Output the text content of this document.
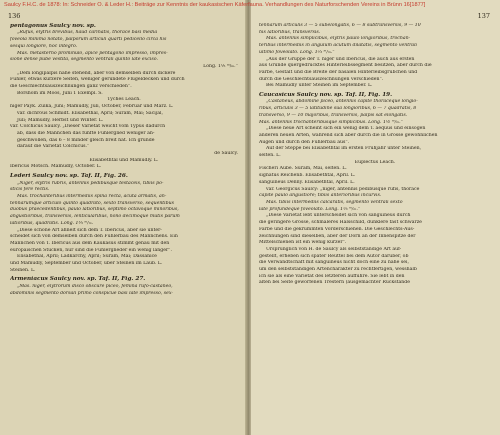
136
pentagonus Saulcy nov. sp.
„Rufus, elytris brevibus, haud carinatis, thorace basi media
foveola minima notato, palporum articuli quarti pedicello circa his
sesqui longiore, hoc integro.
Mas. metasterno prominulo, apice pentagono impresso, impres-
sione dense pube vestita, segmento ventrali quinto late exciso.
Long. 1⅕ ᵐ/ₘ.“
„Dem longipalpis nahe stehend, aber von demselben durch dickere
Fühler, etwas kürzere Seiten, weniger gerundete Flügeldecken und durch
die Geschlechtsauszeichnungen ganz verschieden“.
Borshom im Moos, Juni 1 Exempl. S.
Tyches Leach.
niger Payk. Zulka, Juni; Mamudly, Juli, October, Februar und März. L.
var. dichrous Schmidt. Elisabethal, April; Suram, Mai; Sacijal,
Juli; Mamudly, Herbst und Winter. L.
var. Colchicus Saulcy. „Dieser Varietät weicht vom Typus dadurch
ab, dass die Männchen das fünfte Fühlerglied weniger an-
geschwollen, das 6 – 8 minder gleich breit hat. Ich gründe
darauf die Varietät Colchicus.“
de Saulcy.
Elisabethtal und Mamudly. L.
Ibericus Motsch. Mamudly, October. L.
Lederi Saulcy nov. sp. Taf. II, Fig. 26.
„Niger, elytris rubris, antennis pedibusque testaceis, tibiis po-
sticis fere rectis.
Mas. trochanteribus intermediis spina recta, acuta armatis, an-
tennarumque articulo quinto quadrato, sexto transverso, sequentibus
duobus praecedentibus, paulo latioribus, septimo octavoque minoribus,
angustioribus, transversis, lenticularibus, nono decimoque mutis parum
latioribus, quadratis. Long. 1⅗ ᵐ/ₘ.
„Diese schöne Art ähnelt sich dem T. Ibericus, aber sie unter-
scheidet sich von demselben durch den Fühlerbau des Männchens. Ein
Männchen von T. Ibericus aus dem Kaukasus stimmt genau mit den
europäischen Stücken, nur sind die Fühlerglieder ein wenig länger“.
Elisabethal, April; Ladkarchy, April; Suram, Mai; Dassanice
und Mamudly, September und October, über Steinen im Laub. L.
Steinen. L.
Armeniacus Saulcy nov. sp. Taf. II, Fig. 27.
„Mas. niger, elytrorum disco obscure piceo, femina rufo-castaneo,
abdominis segmento dorsali primo conspicue basi late impresso, sex-
137
tennarum articulis 3 — 5 subelongatis, 6 — 8 subtransversis, 9 — 10
his latioribus, transversis.
Mas. antennis simplicibus, elytris paulo longioribus, trochan-
teribus intermediis in angulum acutum dilatatis, segmento ventrali
ultimo foveolato. Long. 1⅔ ᵐ/ₘ.“
„Aus der Gruppe der T. niger und Ibericus, die auch aus ersten
aus Grunde quergedrücktes Hinterleibssegment besitzen, aber durch die
Farbe, Gestalt und die Breite der basalen Hinterleibsgrübchen und
durch die Geschlechtsauszeichnungen verschieden“.
Bei Mamudly unter Steinen im September. L.
Caucasicus Saulcy nov. sp. Taf. II, Fig. 19.
„Castaneus, abdomine piceo, antennis capite thoraceque longio-
ribus, articulis 3 — 5 latitudine sua longioribus, 6 — 7 quadratis, 8
transverso, 9 — 10 majoribus, transversis, palpis sat elongatis.
Mas. antennis trochanteribusque simplicibus. Long. 1½ ᵐ/ₘ.“
„Diese neue Art scheint sich ein wenig dem T. aequus und einsogen
anderen neuen Arten, während sich aber durch die in Grösse gewöhnlichen
Augen und durch den Fühlerbau aus“.
Auf der Steppe bei Elisabethtal im ersten Frühjahr unter Steinen,
selten. L.
Euplectus Leach.
Fischeri Aubé. Suram, Mai, selten. L.
signatus Reichenb. Elisabethtal, April. L.
sanguineus Denny. Elisabethtal, April. L.
var. Georgicus Saulcy: „niger, antennis pedibusque rufis, thorace
capite paulo angustiore; tibiis anterioribus incurvis.
Mas. tibiis intermediis calcaratis, segmento ventrali sexto
late profundeque foveolato. Long. 1⅓ ᵐ/ₘ.“
„Diese Varietät lebt unterscheidet sich von sanguineus durch
die geringere Grösse, schmäleres Halsschild, dunklere fast schwarze
Farbe und die gekrümmten Vorderschienen. Die Geschlechts-Aus-
zeichnungen sind dieselben, aber der Dorn an der Innenspitze der
Mittelschienen ist ein wenig kürzer“.
Ursprünglich von H. de Saulcy als selbstständige Art auf-
gestellt, erheben sich später Reuttel bei dem Autor darüber, ob
die Verwandtschaft mit sanguineus nicht doch eine zu nahe sei,
um den selbstständigen Artencharakter zu rechtfertigen, wesshalb
ich sie als eine Varietät des letzteren aufführe. Sie lebt in den
alten bei Seite geworfenen Trestern (ausgemachter Rückstände
Saulcy F.H.C. de 1878: In: Schneider O. & Leder H.: Beiträge zur Kenntnis der kaukasischen Käferfauna. Verhandlungen des Naturforschenden Vereins in Brünn 16[1877]
